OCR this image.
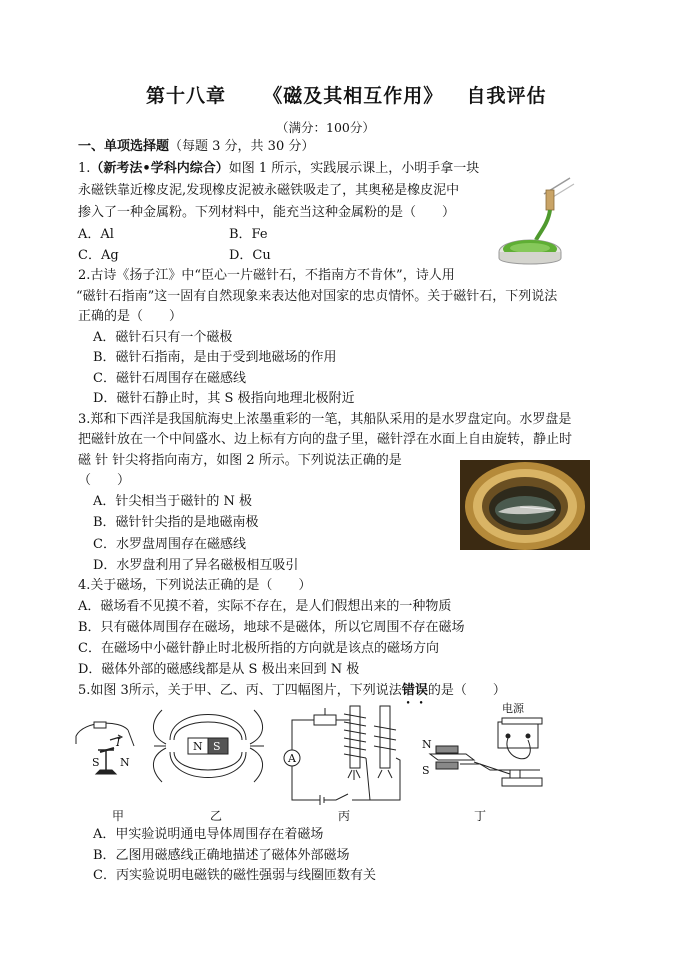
第十八章 《磁及其相互作用》 自我评估
（满分：100分）
一、单项选择题（每题 3 分，共 30 分）
1.（新考法•学科内综合）如图 1 所示，实践展示课上，小明手拿一块
永磁铁靠近橡皮泥,发现橡皮泥被永磁铁吸走了，其奥秘是橡皮泥中
掺入了一种金属粉。下列材料中，能充当这种金属粉的是（　　）
A．Al	B．Fe
C．Ag	D．Cu
2.古诗《扬子江》中“臣心一片磁针石，不指南方不肯休”，诗人用
“磁针石指南”这一固有自然现象来表达他对国家的忠贞情怀。关于磁针石，下列说法
正确的是（　　）
A．磁针石只有一个磁极
B．磁针石指南，是由于受到地磁场的作用
C．磁针石周围存在磁感线
D．磁针石静止时，其 S 极指向地理北极附近
3.郑和下西洋是我国航海史上浓墨重彩的一笔，其船队采用的是水罗盘定向。水罗盘是
把磁针放在一个中间盛水、边上标有方向的盘子里，磁针浮在水面上自由旋转，静止时
磁 针 针尖将指向南方，如图 2 所示。下列说法正确的是
（　　）
A．针尖相当于磁针的 N 极
B．磁针针尖指的是地磁南极
C．水罗盘周围存在磁感线
D．水罗盘利用了异名磁极相互吸引
4.关于磁场，下列说法正确的是（　　）
A．磁场看不见摸不着，实际不存在，是人们假想出来的一种物质
B．只有磁体周围存在磁场，地球不是磁体，所以它周围不存在磁场
C．在磁场中小磁针静止时北极所指的方向就是该点的磁场方向
D．磁体外部的磁感线都是从 S 极出来回到 N 极
5.如图 3所示，关于甲、乙、丙、丁四幅图片，下列说法错误的是（　　）
I
S N
N S
A
电源
N
S
甲	乙	丙	丁
A．甲实验说明通电导体周围存在着磁场
B．乙图用磁感线正确地描述了磁体外部磁场
C．丙实验说明电磁铁的磁性强弱与线圈匝数有关
